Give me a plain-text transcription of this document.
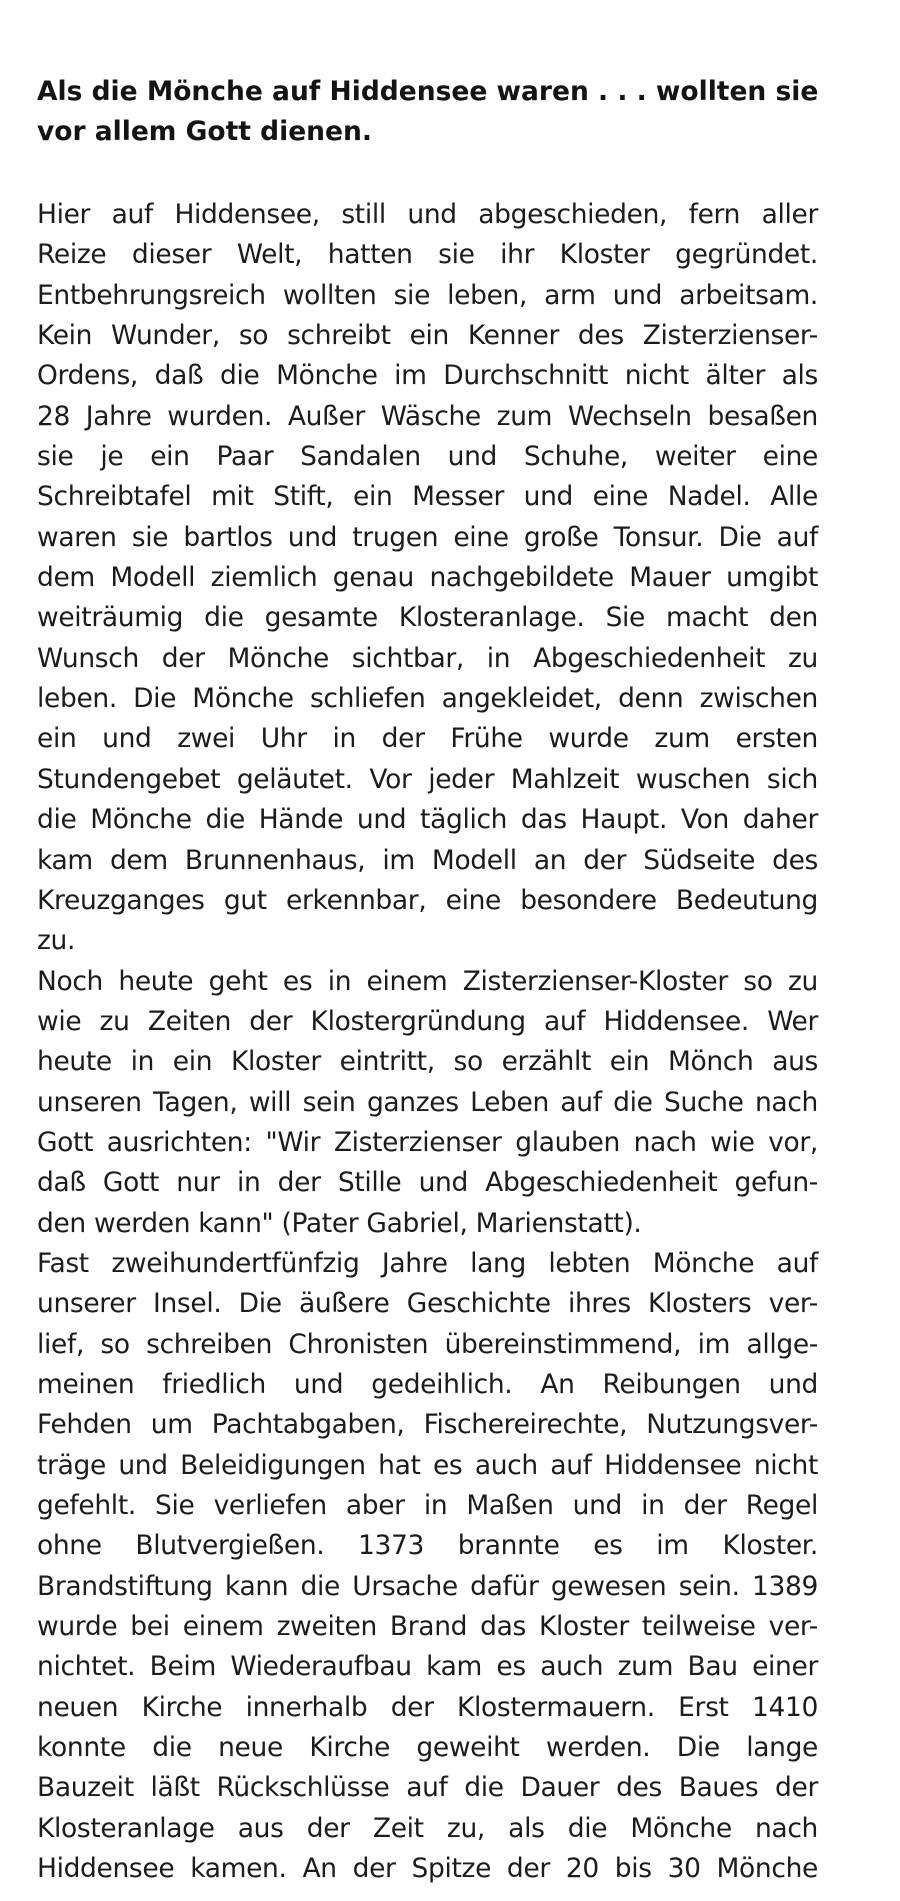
Als die Mönche auf Hiddensee waren . . . wollten sie
vor allem Gott dienen.
Hier auf Hiddensee, still und abgeschieden, fern aller
Reize dieser Welt, hatten sie ihr Kloster gegründet.
Entbehrungsreich wollten sie leben, arm und arbeitsam.
Kein Wunder, so schreibt ein Kenner des Zisterzienser-
Ordens, daß die Mönche im Durchschnitt nicht älter als
28 Jahre wurden. Außer Wäsche zum Wechseln besaßen
sie je ein Paar Sandalen und Schuhe, weiter eine
Schreibtafel mit Stift, ein Messer und eine Nadel. Alle
waren sie bartlos und trugen eine große Tonsur. Die auf
dem Modell ziemlich genau nachgebildete Mauer umgibt
weiträumig die gesamte Klosteranlage. Sie macht den
Wunsch der Mönche sichtbar, in Abgeschiedenheit zu
leben. Die Mönche schliefen angekleidet, denn zwischen
ein und zwei Uhr in der Frühe wurde zum ersten
Stundengebet geläutet. Vor jeder Mahlzeit wuschen sich
die Mönche die Hände und täglich das Haupt. Von daher
kam dem Brunnenhaus, im Modell an der Südseite des
Kreuzganges gut erkennbar, eine besondere Bedeutung
zu.
Noch heute geht es in einem Zisterzienser-Kloster so zu
wie zu Zeiten der Klostergründung auf Hiddensee. Wer
heute in ein Kloster eintritt, so erzählt ein Mönch aus
unseren Tagen, will sein ganzes Leben auf die Suche nach
Gott ausrichten: "Wir Zisterzienser glauben nach wie vor,
daß Gott nur in der Stille und Abgeschiedenheit gefun-
den werden kann" (Pater Gabriel, Marienstatt).
Fast zweihundertfünfzig Jahre lang lebten Mönche auf
unserer Insel. Die äußere Geschichte ihres Klosters ver-
lief, so schreiben Chronisten übereinstimmend, im allge-
meinen friedlich und gedeihlich. An Reibungen und
Fehden um Pachtabgaben, Fischereirechte, Nutzungsver-
träge und Beleidigungen hat es auch auf Hiddensee nicht
gefehlt. Sie verliefen aber in Maßen und in der Regel
ohne Blutvergießen. 1373 brannte es im Kloster.
Brandstiftung kann die Ursache dafür gewesen sein. 1389
wurde bei einem zweiten Brand das Kloster teilweise ver-
nichtet. Beim Wiederaufbau kam es auch zum Bau einer
neuen Kirche innerhalb der Klostermauern. Erst 1410
konnte die neue Kirche geweiht werden. Die lange
Bauzeit läßt Rückschlüsse auf die Dauer des Baues der
Klosteranlage aus der Zeit zu, als die Mönche nach
Hiddensee kamen. An der Spitze der 20 bis 30 Mönche
